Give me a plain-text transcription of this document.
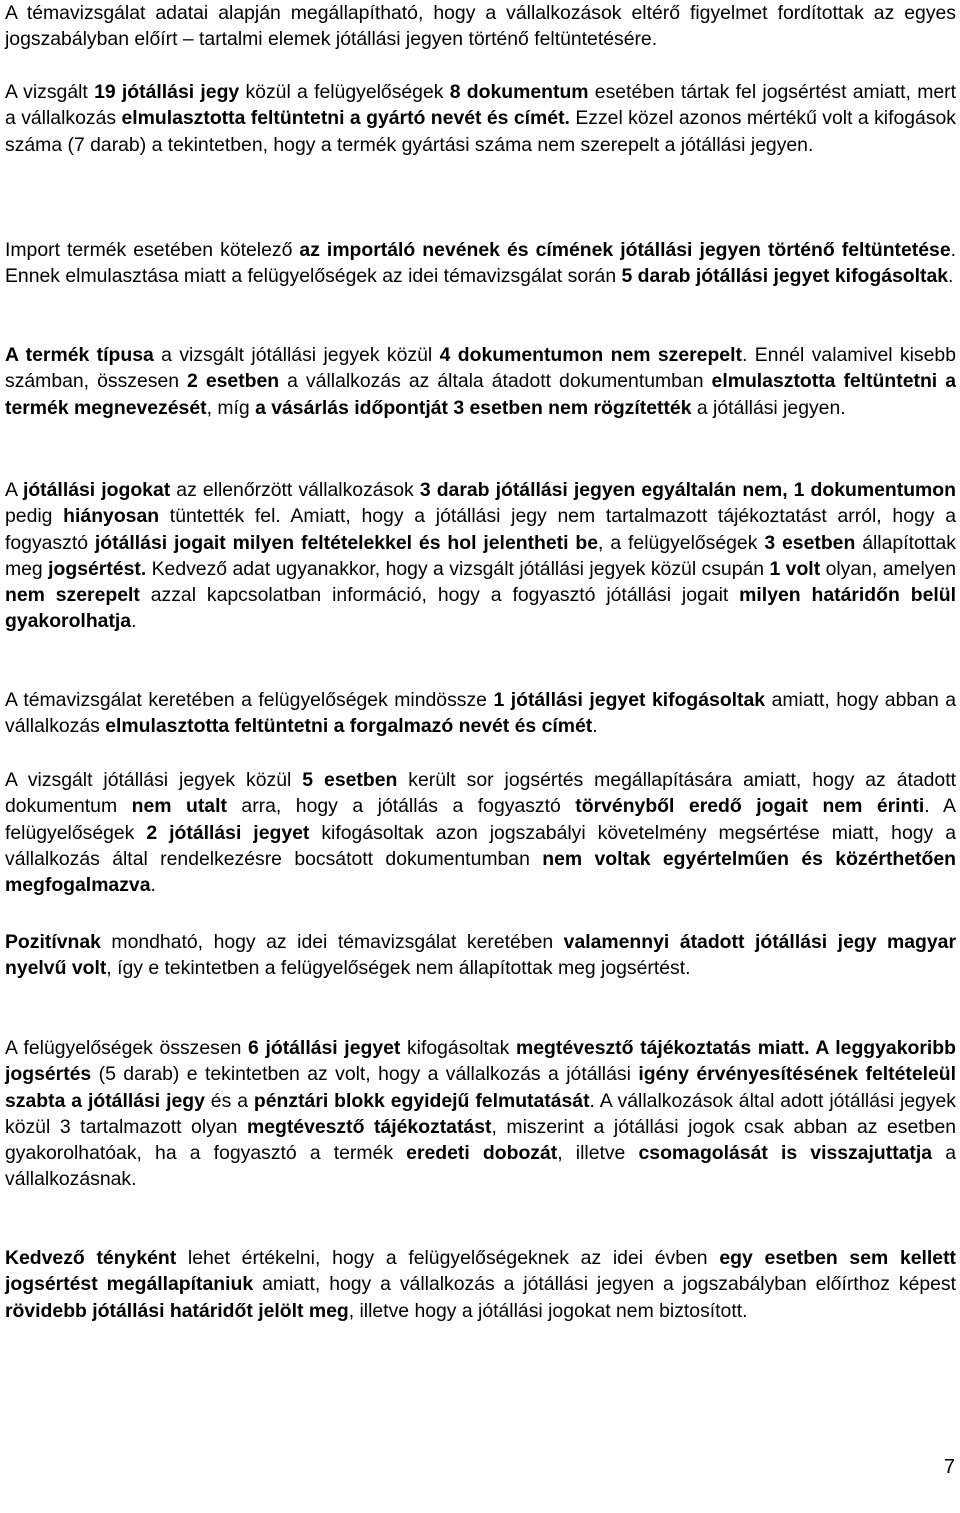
A témavizsgálat adatai alapján megállapítható, hogy a vállalkozások eltérő figyelmet fordítottak az egyes jogszabályban előírt – tartalmi elemek jótállási jegyen történő feltüntetésére.

A vizsgált 19 jótállási jegy közül a felügyelőségek 8 dokumentum esetében tártak fel jogsértést amiatt, mert a vállalkozás elmulasztotta feltüntetni a gyártó nevét és címét. Ezzel közel azonos mértékű volt a kifogások száma (7 darab) a tekintetben, hogy a termék gyártási száma nem szerepelt a jótállási jegyen.

Import termék esetében kötelező az importáló nevének és címének jótállási jegyen történő feltüntetése. Ennek elmulasztása miatt a felügyelőségek az idei témavizsgálat során 5 darab jótállási jegyet kifogásoltak.

A termék típusa a vizsgált jótállási jegyek közül 4 dokumentumon nem szerepelt. Ennél valamivel kisebb számban, összesen 2 esetben a vállalkozás az általa átadott dokumentumban elmulasztotta feltüntetni a termék megnevezését, míg a vásárlás időpontját 3 esetben nem rögzítették a jótállási jegyen.

A jótállási jogokat az ellenőrzött vállalkozások 3 darab jótállási jegyen egyáltalán nem, 1 dokumentumon pedig hiányosan tüntették fel. Amiatt, hogy a jótállási jegy nem tartalmazott tájékoztatást arról, hogy a fogyasztó jótállási jogait milyen feltételekkel és hol jelentheti be, a felügyelőségek 3 esetben állapítottak meg jogsértést. Kedvező adat ugyanakkor, hogy a vizsgált jótállási jegyek közül csupán 1 volt olyan, amelyen nem szerepelt azzal kapcsolatban információ, hogy a fogyasztó jótállási jogait milyen határidőn belül gyakorolhatja.

A témavizsgálat keretében a felügyelőségek mindössze 1 jótállási jegyet kifogásoltak amiatt, hogy abban a vállalkozás elmulasztotta feltüntetni a forgalmazó nevét és címét.

A vizsgált jótállási jegyek közül 5 esetben került sor jogsértés megállapítására amiatt, hogy az átadott dokumentum nem utalt arra, hogy a jótállás a fogyasztó törvényből eredő jogait nem érinti. A felügyelőségek 2 jótállási jegyet kifogásoltak azon jogszabályi követelmény megsértése miatt, hogy a vállalkozás által rendelkezésre bocsátott dokumentumban nem voltak egyértelműen és közérthetően megfogalmazva.

Pozitívnak mondható, hogy az idei témavizsgálat keretében valamennyi átadott jótállási jegy magyar nyelvű volt, így e tekintetben a felügyelőségek nem állapítottak meg jogsértést.

A felügyelőségek összesen 6 jótállási jegyet kifogásoltak megtévesztő tájékoztatás miatt. A leggyakoribb jogsértés (5 darab) e tekintetben az volt, hogy a vállalkozás a jótállási igény érvényesítésének feltételeül szabta a jótállási jegy és a pénztári blokk egyidejű felmutatását. A vállalkozások által adott jótállási jegyek közül 3 tartalmazott olyan megtévesztő tájékoztatást, miszerint a jótállási jogok csak abban az esetben gyakorolhatóak, ha a fogyasztó a termék eredeti dobozát, illetve csomagolását is visszajuttatja a vállalkozásnak.

Kedvező tényként lehet értékelni, hogy a felügyelőségeknek az idei évben egy esetben sem kellett jogsértést megállapítaniuk amiatt, hogy a vállalkozás a jótállási jegyen a jogszabályban előírthoz képest rövidebb jótállási határidőt jelölt meg, illetve hogy a jótállási jogokat nem biztosított.

7
